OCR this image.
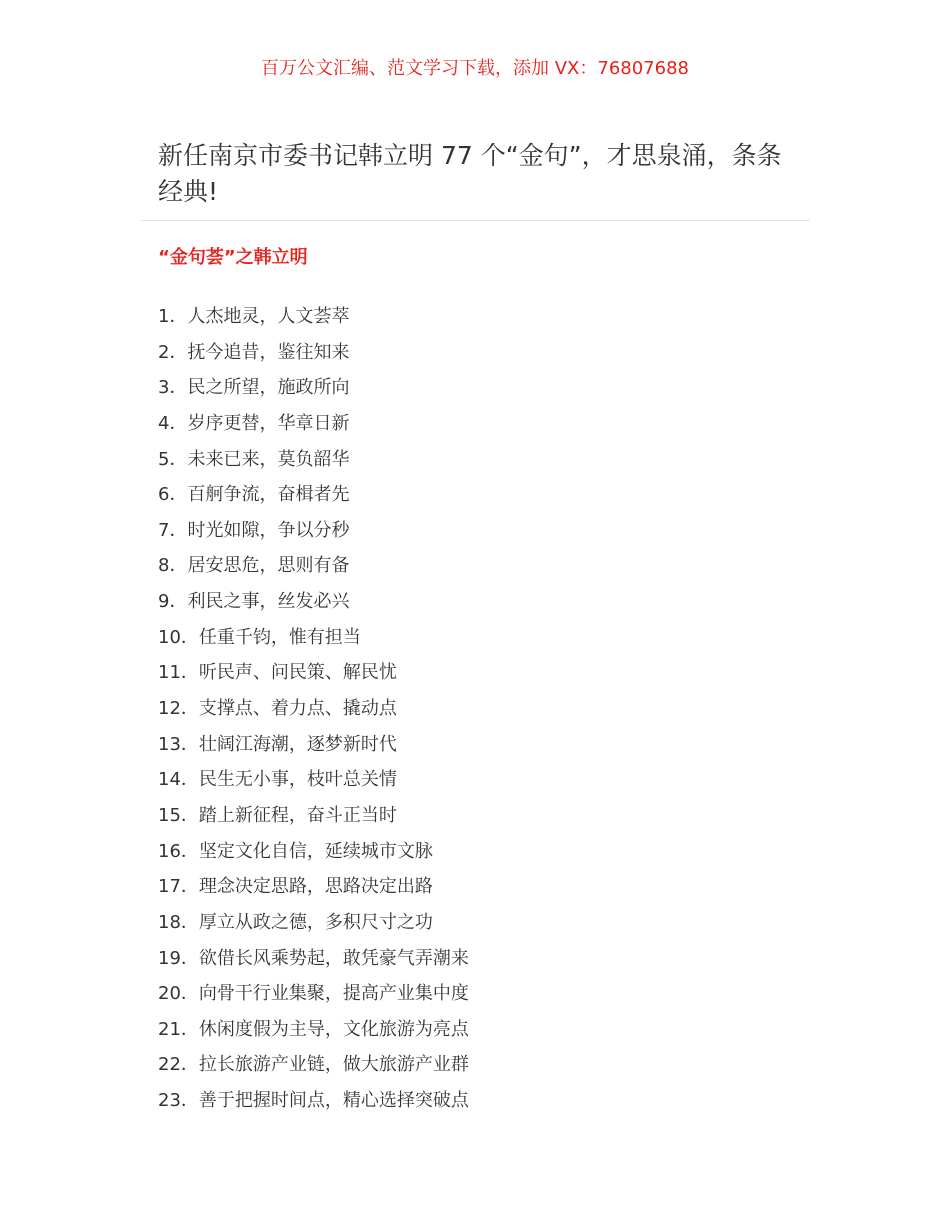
百万公文汇编、范文学习下载，添加 VX：76807688
新任南京市委书记韩立明 77 个“金句”，才思泉涌，条条经典!
“金句荟”之韩立明
1．人杰地灵，人文荟萃
2．抚今追昔，鉴往知来
3．民之所望，施政所向
4．岁序更替，华章日新
5．未来已来，莫负韶华
6．百舸争流，奋楫者先
7．时光如隙，争以分秒
8．居安思危，思则有备
9．利民之事，丝发必兴
10．任重千钧，惟有担当
11．听民声、问民策、解民忧
12．支撑点、着力点、撬动点
13．壮阔江海潮，逐梦新时代
14．民生无小事，枝叶总关情
15．踏上新征程，奋斗正当时
16．坚定文化自信，延续城市文脉
17．理念决定思路，思路决定出路
18．厚立从政之德，多积尺寸之功
19．欲借长风乘势起，敢凭豪气弄潮来
20．向骨干行业集聚，提高产业集中度
21．休闲度假为主导，文化旅游为亮点
22．拉长旅游产业链，做大旅游产业群
23．善于把握时间点，精心选择突破点
